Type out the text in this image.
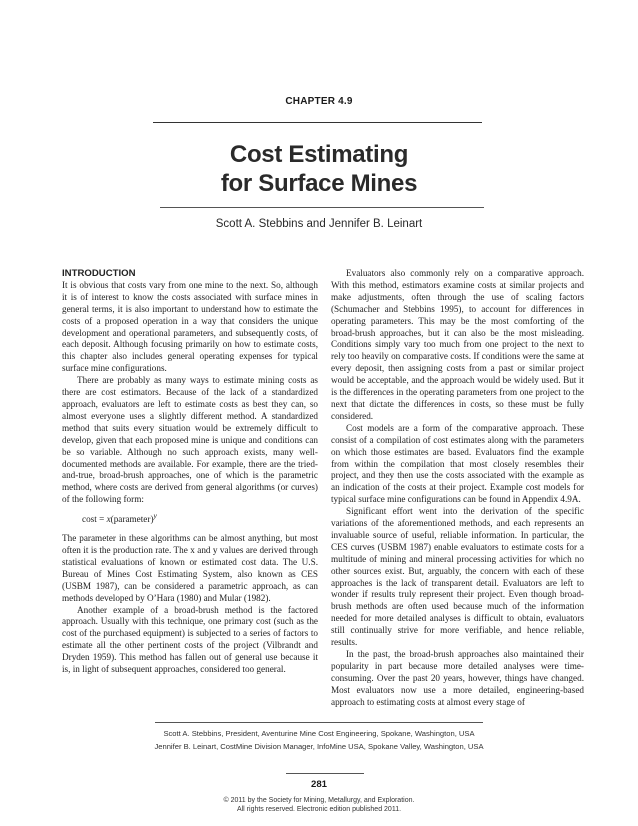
CHAPTER 4.9
Cost Estimating
for Surface Mines
Scott A. Stebbins and Jennifer B. Leinart

INTRODUCTION

It is obvious that costs vary from one mine to the next. So, although it is of interest to know the costs associated with surface mines in general terms, it is also important to understand how to estimate the costs of a proposed operation in a way that considers the unique development and operational parameters, and subsequently costs, of each deposit. Although focusing primarily on how to estimate costs, this chapter also includes general operating expenses for typical surface mine configurations.

There are probably as many ways to estimate mining costs as there are cost estimators. Because of the lack of a standardized approach, evaluators are left to estimate costs as best they can, so almost everyone uses a slightly different method. A standardized method that suits every situation would be extremely difficult to develop, given that each proposed mine is unique and conditions can be so variable. Although no such approach exists, many well-documented methods are available. For example, there are the tried-and-true, broad-brush approaches, one of which is the parametric method, where costs are derived from general algorithms (or curves) of the following form:

cost = x(parameter)$^y$

The parameter in these algorithms can be almost anything, but most often it is the production rate. The x and y values are derived through statistical evaluations of known or estimated cost data. The U.S. Bureau of Mines Cost Estimating System, also known as CES (USBM 1987), can be considered a parametric approach, as can methods developed by O’Hara (1980) and Mular (1982).

Another example of a broad-brush method is the factored approach. Usually with this technique, one primary cost (such as the cost of the purchased equipment) is subjected to a series of factors to estimate all the other pertinent costs of the project (Vilbrandt and Dryden 1959). This method has fallen out of general use because it is, in light of subsequent approaches, considered too general.

Evaluators also commonly rely on a comparative approach. With this method, estimators examine costs at similar projects and make adjustments, often through the use of scaling factors (Schumacher and Stebbins 1995), to account for differences in operating parameters. This may be the most comforting of the broad-brush approaches, but it can also be the most misleading. Conditions simply vary too much from one project to the next to rely too heavily on comparative costs. If conditions were the same at every deposit, then assigning costs from a past or similar project would be acceptable, and the approach would be widely used. But it is the differences in the operating parameters from one project to the next that dictate the differences in costs, so these must be fully considered.

Cost models are a form of the comparative approach. These consist of a compilation of cost estimates along with the parameters on which those estimates are based. Evaluators find the example from within the compilation that most closely resembles their project, and they then use the costs associated with the example as an indication of the costs at their project. Example cost models for typical surface mine configurations can be found in Appendix 4.9A.

Significant effort went into the derivation of the specific variations of the aforementioned methods, and each represents an invaluable source of useful, reliable information. In particular, the CES curves (USBM 1987) enable evaluators to estimate costs for a multitude of mining and mineral processing activities for which no other sources exist. But, arguably, the concern with each of these approaches is the lack of transparent detail. Evaluators are left to wonder if results truly represent their project. Even though broad-brush methods are often used because much of the information needed for more detailed analyses is difficult to obtain, evaluators still continually strive for more verifiable, and hence reliable, results.

In the past, the broad-brush approaches also maintained their popularity in part because more detailed analyses were time-consuming. Over the past 20 years, however, things have changed. Most evaluators now use a more detailed, engineering-based approach to estimating costs at almost every stage of

Scott A. Stebbins, President, Aventurine Mine Cost Engineering, Spokane, Washington, USA
Jennifer B. Leinart, CostMine Division Manager, InfoMine USA, Spokane Valley, Washington, USA
281
© 2011 by the Society for Mining, Metallurgy, and Exploration.
All rights reserved. Electronic edition published 2011.
